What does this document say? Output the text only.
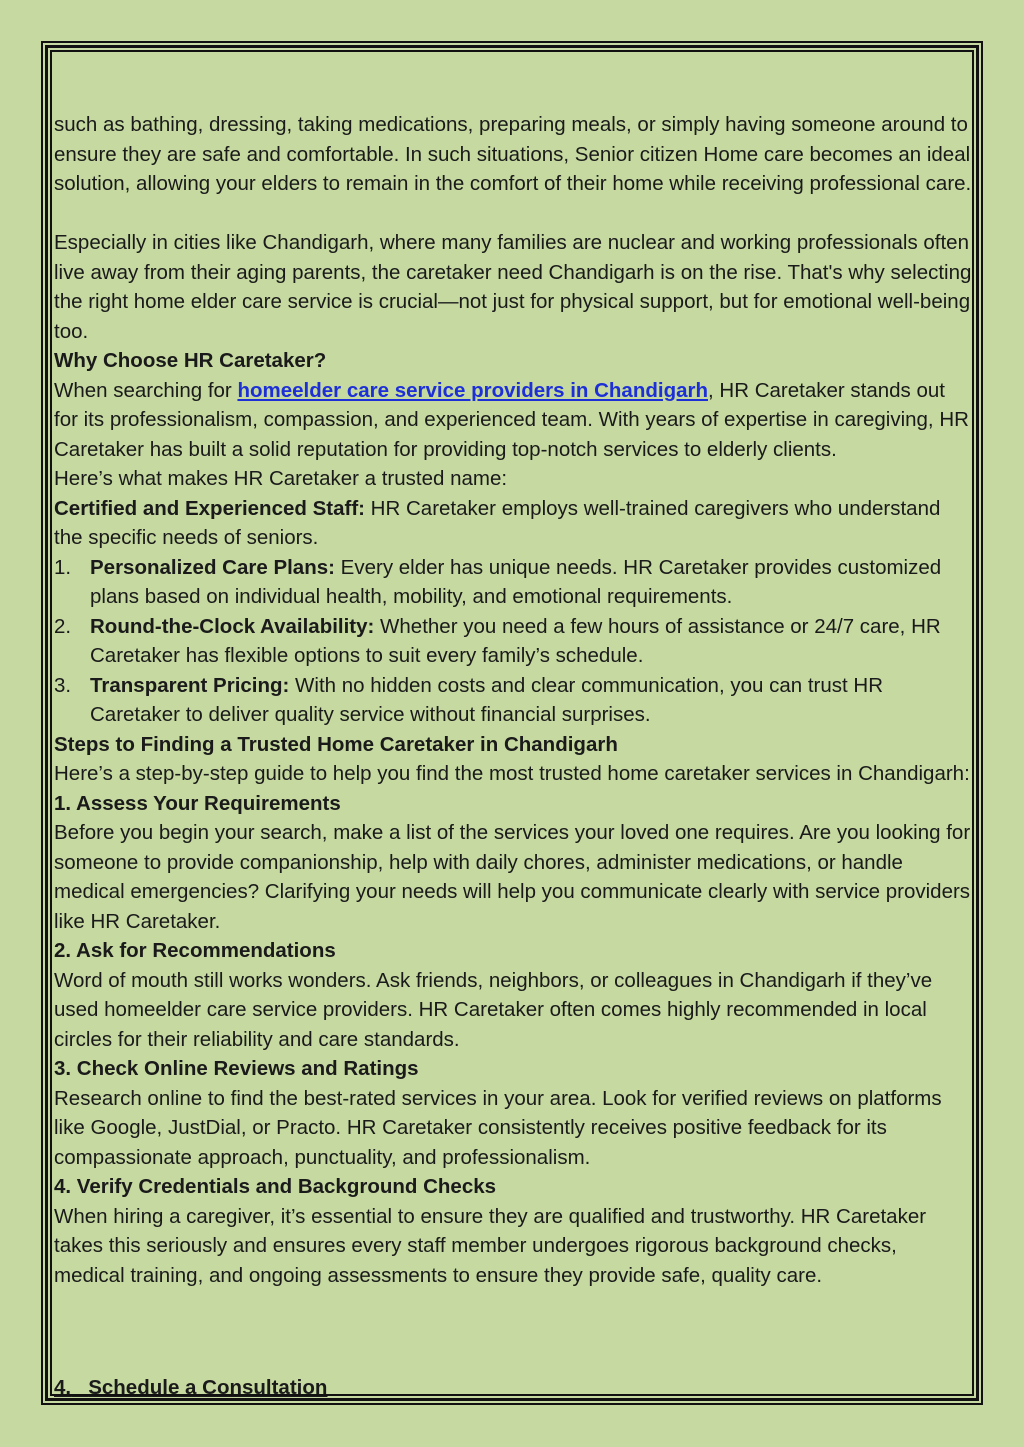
such as bathing, dressing, taking medications, preparing meals, or simply having someone around to ensure they are safe and comfortable. In such situations, Senior citizen Home care becomes an ideal solution, allowing your elders to remain in the comfort of their home while receiving professional care.

Especially in cities like Chandigarh, where many families are nuclear and working professionals often live away from their aging parents, the caretaker need Chandigarh is on the rise. That's why selecting the right home elder care service is crucial—not just for physical support, but for emotional well-being too.

Why Choose HR Caretaker?

When searching for homeelder care service providers in Chandigarh, HR Caretaker stands out for its professionalism, compassion, and experienced team. With years of expertise in caregiving, HR Caretaker has built a solid reputation for providing top-notch services to elderly clients.

Here’s what makes HR Caretaker a trusted name:

Certified and Experienced Staff: HR Caretaker employs well-trained caregivers who understand the specific needs of seniors.

1. Personalized Care Plans: Every elder has unique needs. HR Caretaker provides customized plans based on individual health, mobility, and emotional requirements.
2. Round-the-Clock Availability: Whether you need a few hours of assistance or 24/7 care, HR Caretaker has flexible options to suit every family’s schedule.
3. Transparent Pricing: With no hidden costs and clear communication, you can trust HR Caretaker to deliver quality service without financial surprises.

Steps to Finding a Trusted Home Caretaker in Chandigarh

Here’s a step-by-step guide to help you find the most trusted home caretaker services in Chandigarh:

1. Assess Your Requirements

Before you begin your search, make a list of the services your loved one requires. Are you looking for someone to provide companionship, help with daily chores, administer medications, or handle medical emergencies? Clarifying your needs will help you communicate clearly with service providers like HR Caretaker.

2. Ask for Recommendations

Word of mouth still works wonders. Ask friends, neighbors, or colleagues in Chandigarh if they’ve used homeelder care service providers. HR Caretaker often comes highly recommended in local circles for their reliability and care standards.

3. Check Online Reviews and Ratings

Research online to find the best-rated services in your area. Look for verified reviews on platforms like Google, JustDial, or Practo. HR Caretaker consistently receives positive feedback for its compassionate approach, punctuality, and professionalism.

4. Verify Credentials and Background Checks

When hiring a caregiver, it’s essential to ensure they are qualified and trustworthy. HR Caretaker takes this seriously and ensures every staff member undergoes rigorous background checks, medical training, and ongoing assessments to ensure they provide safe, quality care.

4. Schedule a Consultation
